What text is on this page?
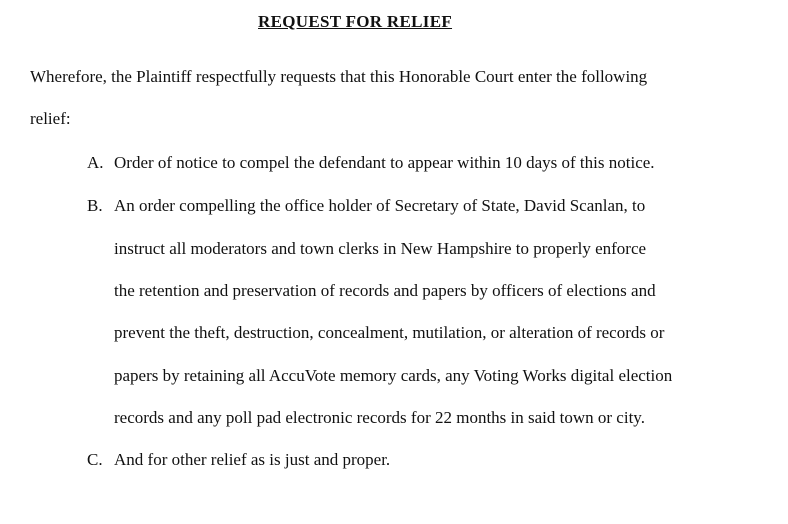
REQUEST FOR RELIEF
Wherefore, the Plaintiff respectfully requests that this Honorable Court enter the following
relief:
A. Order of notice to compel the defendant to appear within 10 days of this notice.
B. An order compelling the office holder of Secretary of State, David Scanlan, to
instruct all moderators and town clerks in New Hampshire to properly enforce
the retention and preservation of records and papers by officers of elections and
prevent the theft, destruction, concealment, mutilation, or alteration of records or
papers by retaining all AccuVote memory cards, any Voting Works digital election
records and any poll pad electronic records for 22 months in said town or city.
C. And for other relief as is just and proper.
